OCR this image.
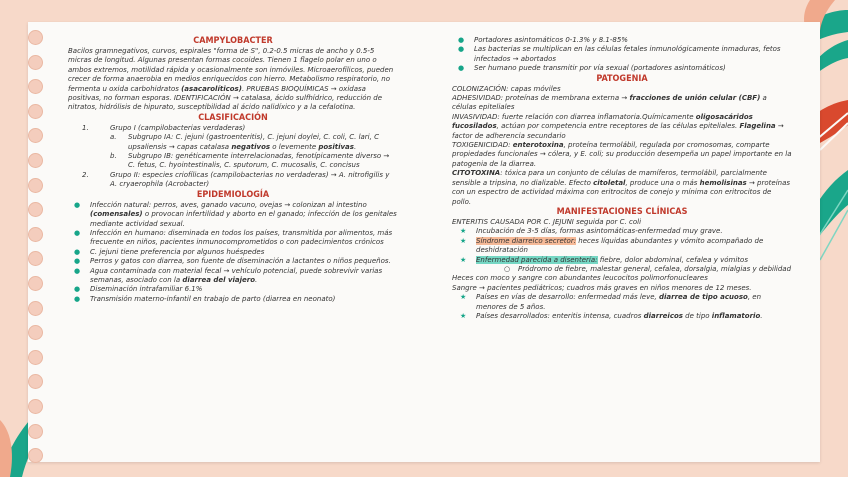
CAMPYLOBACTER

Bacilos gramnegativos, curvos, espirales "forma de S", 0.2-0.5 micras de ancho y 0.5-5 micras de longitud. Algunas presentan formas cocoides. Tienen 1 flagelo polar en uno o ambos extremos, motilidad rápida y ocasionalmente son inmóviles. Microaerofílicos, pueden crecer de forma anaerobia en medios enriquecidos con hierro. Metabolismo respiratorio, no fermenta u oxida carbohidratos (asacarolíticos). PRUEBAS BIOQUÍMICAS → oxidasa positivas, no forman esporas. IDENTIFICACIÓN → catalasa, ácido sulfhídrico, reducción de nitratos, hidrólisis de hipurato, susceptibilidad al ácido nalidíxico y a la cefalotina.

CLASIFICACIÓN
1.	Grupo I (campilobacterias verdaderas)
a.	Subgrupo IA: C. jejuni (gastroenteritis), C. jejuni doylei, C. coli, C. lari, C upsaliensis → capas catalasa negativos o levemente positivas.
b.	Subgrupo IB: genéticamente interrelacionadas, fenotípicamente diverso → C. fetus, C. hyointestinalis, C. sputorum, C. mucosalis, C. concisus
2.	Grupo II: especies criofílicas (campilobacterias no verdaderas) → A. nitrofigilis y A. cryaerophila (Acrobacter)
EPIDEMIOLOGÍA
●	Infección natural: perros, aves, ganado vacuno, ovejas → colonizan al intestino (comensales) o provocan infertilidad y aborto en el ganado; infección de los genitales mediante actividad sexual.
●	Infección en humano: diseminada en todos los países, transmitida por alimentos, más frecuente en niños, pacientes inmunocomprometidos o con padecimientos crónicos
●	C. jejuni tiene preferencia por algunos huéspedes
●	Perros y gatos con diarrea, son fuente de diseminación a lactantes o niños pequeños.
●	Agua contaminada con material fecal → vehículo potencial, puede sobrevivir varias semanas, asociado con la diarrea del viajero.
●	Diseminación intrafamiliar 6.1%
●	Transmisión materno-infantil en trabajo de parto (diarrea en neonato)
●	Portadores asintomáticos 0-1.3% y 8.1-85%
●	Las bacterias se multiplican en las células fetales inmunológicamente inmaduras, fetos infectados → abortados
●	Ser humano puede transmitir por vía sexual (portadores asintomáticos)
PATOGENIA

COLONIZACIÓN: capas móviles

ADHESIVIDAD: proteínas de membrana externa → fracciones de unión celular (CBF) a células epiteliales

INVASIVIDAD: fuerte relación con diarrea inflamatoria.Químicamente oligosacáridos fucosilados, actúan por competencia entre receptores de las células epiteliales. Flagelina → factor de adherencia secundario

TOXIGENICIDAD: enterotoxina, proteína termolábil, regulada por cromosomas, comparte propiedades funcionales → cólera, y E. coli; su producción desempeña un papel importante en la patogenia de la diarrea.

CITOTOXINA: tóxica para un conjunto de células de mamíferos, termolábil, parcialmente sensible a tripsina, no dializable. Efecto citoletal, produce una o más hemolisinas → proteínas con un espectro de actividad máxima con eritrocitos de conejo y mínima con eritrocitos de pollo.

MANIFESTACIONES CLÍNICAS

ENTERITIS CAUSADA POR C. JEJUNI seguida por C. coli

★	Incubación de 3-5 días, formas asintomáticas-enfermedad muy grave.
★	Síndrome diarreico secretor: heces líquidas abundantes y vómito acompañado de deshidratación
★	Enfermedad parecida a disentería: fiebre, dolor abdominal, cefalea y vómitos
○	Pródromo de fiebre, malestar general, cefalea, dorsalgia, mialgias y debilidad

Heces con moco y sangre con abundantes leucocitos polimorfonucleares

Sangre → pacientes pediátricos; cuadros más graves en niños menores de 12 meses.

★	Países en vías de desarrollo: enfermedad más leve, diarrea de tipo acuoso, en menores de 5 años.
★	Países desarrollados: enteritis intensa, cuadros diarreicos de tipo inflamatorio.
